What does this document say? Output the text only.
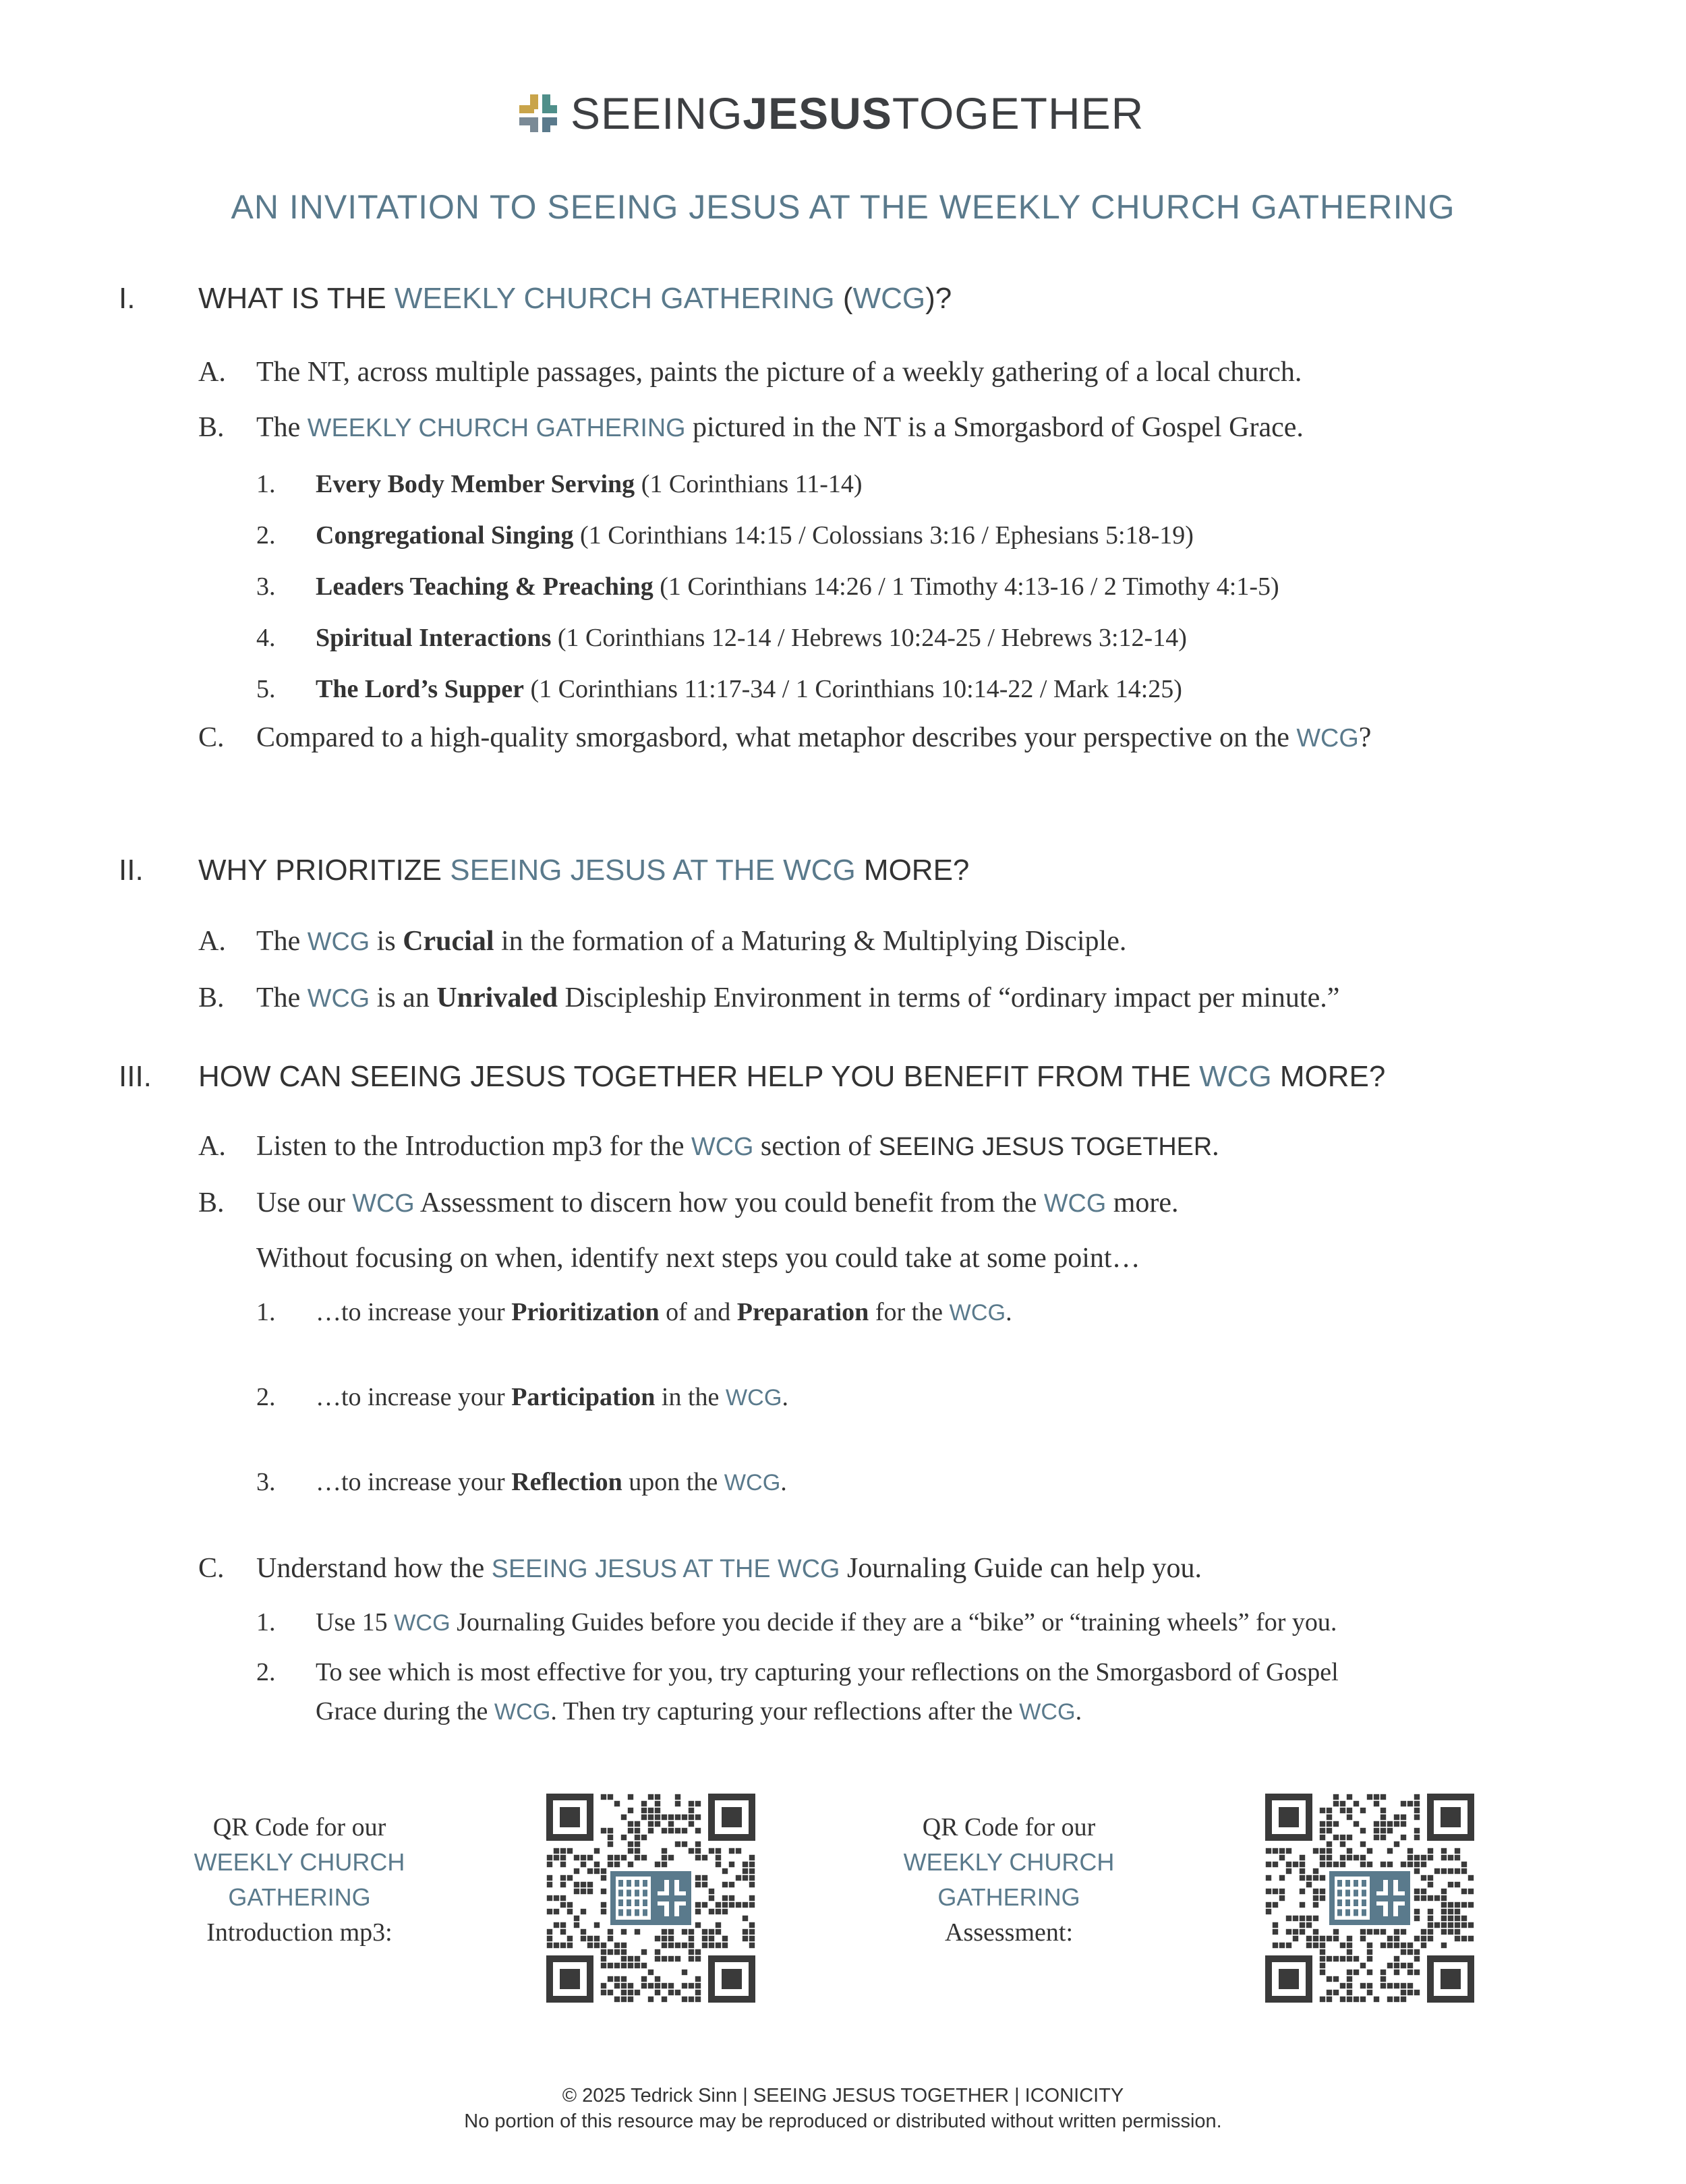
SEEINGJESUSTOGETHER
AN INVITATION TO SEEING JESUS AT THE WEEKLY CHURCH GATHERING
I. WHAT IS THE WEEKLY CHURCH GATHERING (WCG)?
A. The NT, across multiple passages, paints the picture of a weekly gathering of a local church.
B. The WEEKLY CHURCH GATHERING pictured in the NT is a Smorgasbord of Gospel Grace.
1. Every Body Member Serving (1 Corinthians 11-14)
2. Congregational Singing (1 Corinthians 14:15 / Colossians 3:16 / Ephesians 5:18-19)
3. Leaders Teaching & Preaching (1 Corinthians 14:26 / 1 Timothy 4:13-16 / 2 Timothy 4:1-5)
4. Spiritual Interactions (1 Corinthians 12-14 / Hebrews 10:24-25 / Hebrews 3:12-14)
5. The Lord’s Supper (1 Corinthians 11:17-34 / 1 Corinthians 10:14-22 / Mark 14:25)
C. Compared to a high-quality smorgasbord, what metaphor describes your perspective on the WCG?
II. WHY PRIORITIZE SEEING JESUS AT THE WCG MORE?
A. The WCG is Crucial in the formation of a Maturing & Multiplying Disciple.
B. The WCG is an Unrivaled Discipleship Environment in terms of “ordinary impact per minute.”
III. HOW CAN SEEING JESUS TOGETHER HELP YOU BENEFIT FROM THE WCG MORE?
A. Listen to the Introduction mp3 for the WCG section of SEEING JESUS TOGETHER.
B. Use our WCG Assessment to discern how you could benefit from the WCG more.
Without focusing on when, identify next steps you could take at some point…
1. …to increase your Prioritization of and Preparation for the WCG.
2. …to increase your Participation in the WCG.
3. …to increase your Reflection upon the WCG.
C. Understand how the SEEING JESUS AT THE WCG Journaling Guide can help you.
1. Use 15 WCG Journaling Guides before you decide if they are a “bike” or “training wheels” for you.
2. To see which is most effective for you, try capturing your reflections on the Smorgasbord of Gospel
Grace during the WCG. Then try capturing your reflections after the WCG.
QR Code for our
WEEKLY CHURCH
GATHERING
Introduction mp3:
QR Code for our
WEEKLY CHURCH
GATHERING
Assessment:
© 2025 Tedrick Sinn | SEEING JESUS TOGETHER | ICONICITY
No portion of this resource may be reproduced or distributed without written permission.
